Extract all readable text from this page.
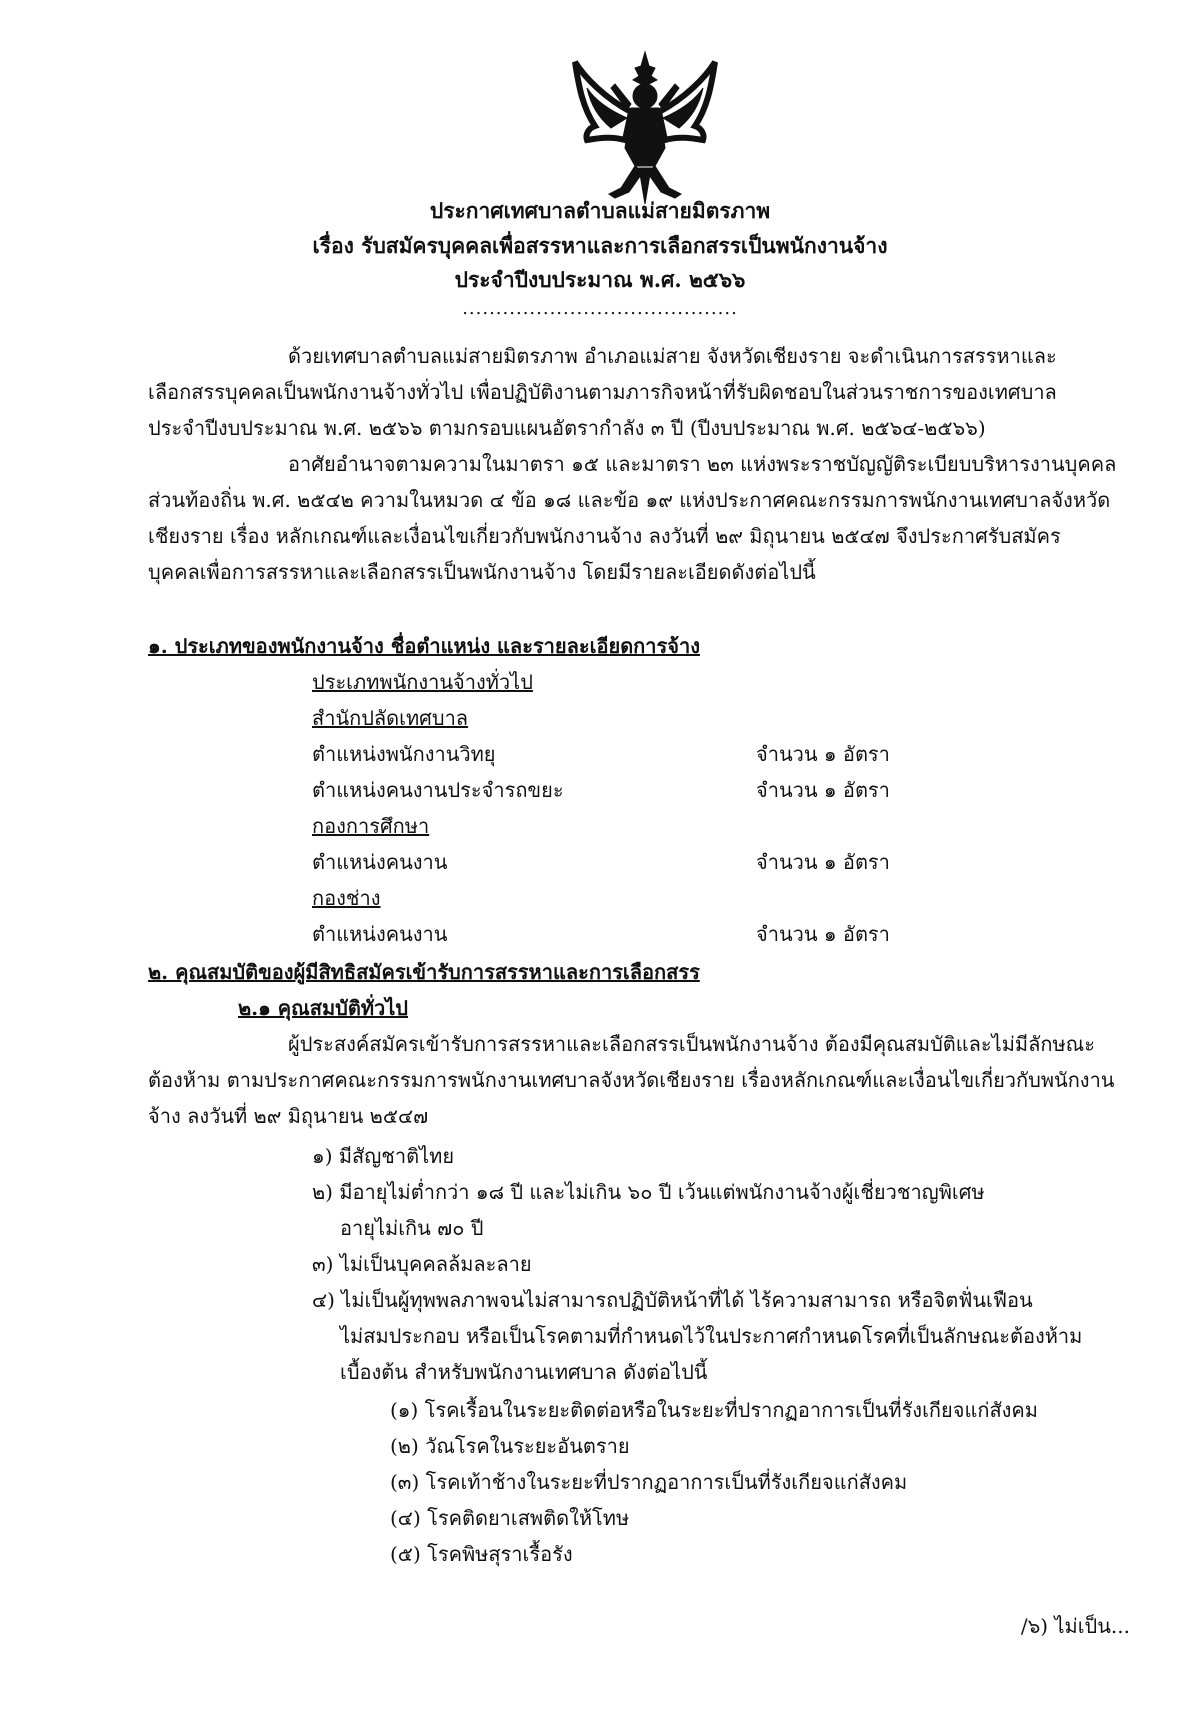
ประกาศเทศบาลตำบลแม่สายมิตรภาพ
เรื่อง รับสมัครบุคคลเพื่อสรรหาและการเลือกสรรเป็นพนักงานจ้าง
ประจำปีงบประมาณ พ.ศ. ๒๕๖๖
.........................................
ด้วยเทศบาลตำบลแม่สายมิตรภาพ อำเภอแม่สาย จังหวัดเชียงราย จะดำเนินการสรรหาและ
เลือกสรรบุคคลเป็นพนักงานจ้างทั่วไป เพื่อปฏิบัติงานตามภารกิจหน้าที่รับผิดชอบในส่วนราชการของเทศบาล
ประจำปีงบประมาณ พ.ศ. ๒๕๖๖ ตามกรอบแผนอัตรากำลัง ๓ ปี (ปีงบประมาณ พ.ศ. ๒๕๖๔-๒๕๖๖)
อาศัยอำนาจตามความในมาตรา ๑๕ และมาตรา ๒๓ แห่งพระราชบัญญัติระเบียบบริหารงานบุคคล
ส่วนท้องถิ่น พ.ศ. ๒๕๔๒ ความในหมวด ๔ ข้อ ๑๘ และข้อ ๑๙ แห่งประกาศคณะกรรมการพนักงานเทศบาลจังหวัด
เชียงราย เรื่อง หลักเกณฑ์และเงื่อนไขเกี่ยวกับพนักงานจ้าง ลงวันที่ ๒๙ มิถุนายน ๒๕๔๗ จึงประกาศรับสมัคร
บุคคลเพื่อการสรรหาและเลือกสรรเป็นพนักงานจ้าง โดยมีรายละเอียดดังต่อไปนี้
๑. ประเภทของพนักงานจ้าง ชื่อตำแหน่ง และรายละเอียดการจ้าง
ประเภทพนักงานจ้างทั่วไป
สำนักปลัดเทศบาล
ตำแหน่งพนักงานวิทยุ	จำนวน ๑ อัตรา
ตำแหน่งคนงานประจำรถขยะ	จำนวน ๑ อัตรา
กองการศึกษา
ตำแหน่งคนงาน	จำนวน ๑ อัตรา
กองช่าง
ตำแหน่งคนงาน	จำนวน ๑ อัตรา
๒. คุณสมบัติของผู้มีสิทธิสมัครเข้ารับการสรรหาและการเลือกสรร
๒.๑ คุณสมบัติทั่วไป
ผู้ประสงค์สมัครเข้ารับการสรรหาและเลือกสรรเป็นพนักงานจ้าง ต้องมีคุณสมบัติและไม่มีลักษณะ
ต้องห้าม ตามประกาศคณะกรรมการพนักงานเทศบาลจังหวัดเชียงราย เรื่องหลักเกณฑ์และเงื่อนไขเกี่ยวกับพนักงาน
จ้าง ลงวันที่ ๒๙ มิถุนายน ๒๕๔๗
๑) มีสัญชาติไทย
๒) มีอายุไม่ต่ำกว่า ๑๘ ปี และไม่เกิน ๖๐ ปี เว้นแต่พนักงานจ้างผู้เชี่ยวชาญพิเศษ
อายุไม่เกิน ๗๐ ปี
๓) ไม่เป็นบุคคลล้มละลาย
๔) ไม่เป็นผู้ทุพพลภาพจนไม่สามารถปฏิบัติหน้าที่ได้ ไร้ความสามารถ หรือจิตฟั่นเฟือน
ไม่สมประกอบ หรือเป็นโรคตามที่กำหนดไว้ในประกาศกำหนดโรคที่เป็นลักษณะต้องห้าม
เบื้องต้น สำหรับพนักงานเทศบาล ดังต่อไปนี้
(๑) โรคเรื้อนในระยะติดต่อหรือในระยะที่ปรากฏอาการเป็นที่รังเกียจแก่สังคม
(๒) วัณโรคในระยะอันตราย
(๓) โรคเท้าช้างในระยะที่ปรากฏอาการเป็นที่รังเกียจแก่สังคม
(๔) โรคติดยาเสพติดให้โทษ
(๕) โรคพิษสุราเรื้อรัง
/๖) ไม่เป็น...
